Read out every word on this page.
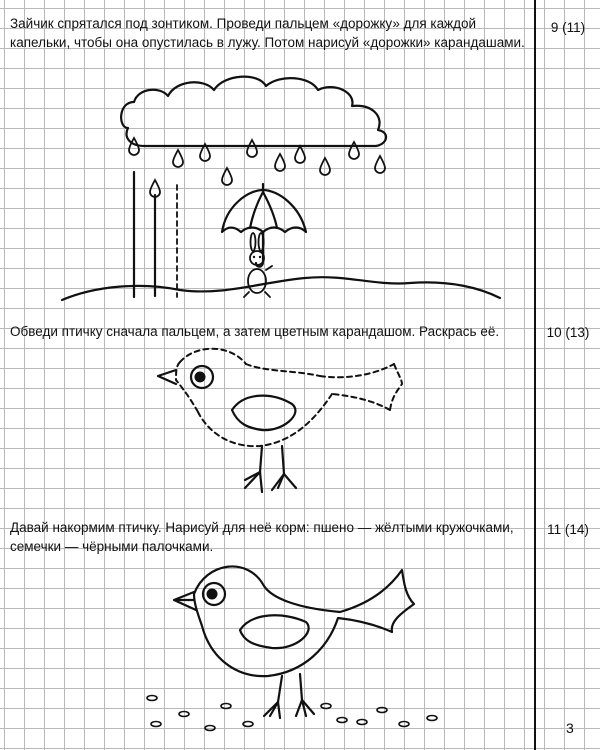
Зайчик спрятался под зонтиком. Проведи пальцем «дорожку» для каждой капельки, чтобы она опустилась в лужу. Потом нарисуй «дорожки» карандашами.

9 (11)

Обведи птичку сначала пальцем, а затем цветным карандашом. Раскрась её.	10 (13)

Давай накормим птичку. Нарисуй для неё корм: пшено — жёлтыми кружочками, семечки — чёрными палочками.

11 (14)
3
